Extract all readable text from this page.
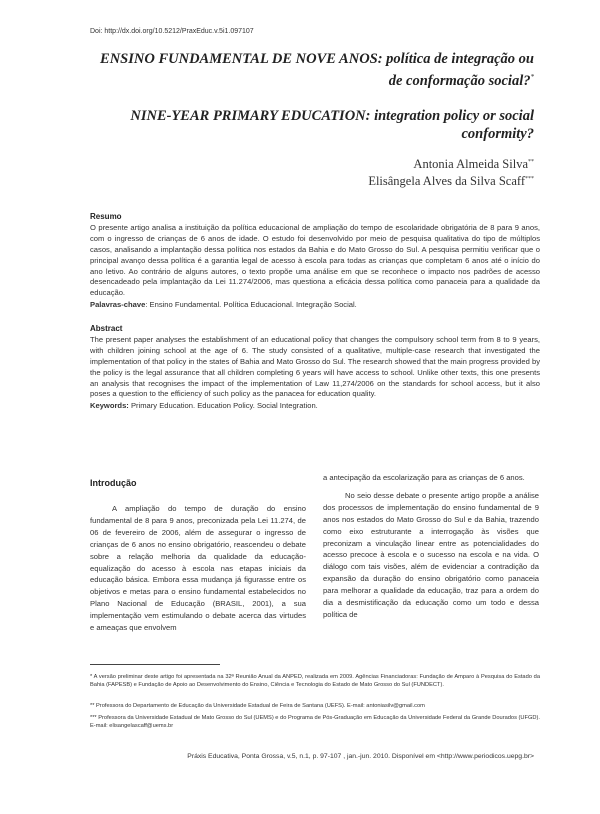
Doi: http://dx.doi.org/10.5212/PraxEduc.v.5i1.097107
ENSINO FUNDAMENTAL DE NOVE ANOS: política de integração ou de conformação social?*
NINE-YEAR PRIMARY EDUCATION: integration policy or social conformity?
Antonia Almeida Silva**
Elisângela Alves da Silva Scaff***
Resumo
O presente artigo analisa a instituição da política educacional de ampliação do tempo de escolaridade obrigatória de 8 para 9 anos, com o ingresso de crianças de 6 anos de idade. O estudo foi desenvolvido por meio de pesquisa qualitativa do tipo de múltiplos casos, analisando a implantação dessa política nos estados da Bahia e do Mato Grosso do Sul. A pesquisa permitiu verificar que o principal avanço dessa política é a garantia legal de acesso à escola para todas as crianças que completam 6 anos até o início do ano letivo. Ao contrário de alguns autores, o texto propõe uma análise em que se reconhece o impacto nos padrões de acesso desencadeado pela implantação da Lei 11.274/2006, mas questiona a eficácia dessa política como panaceia para a qualidade da educação.
Palavras-chave: Ensino Fundamental. Política Educacional. Integração Social.
Abstract
The present paper analyses the establishment of an educational policy that changes the compulsory school term from 8 to 9 years, with children joining school at the age of 6. The study consisted of a qualitative, multiple-case research that investigated the implementation of that policy in the states of Bahia and Mato Grosso do Sul. The research showed that the main progress provided by the policy is the legal assurance that all children completing 6 years will have access to school. Unlike other texts, this one presents an analysis that recognises the impact of the implementation of Law 11,274/2006 on the standards for school access, but it also poses a question to the efficiency of such policy as the panacea for education quality.
Keywords: Primary Education. Education Policy. Social Integration.
Introdução

A ampliação do tempo de duração do ensino fundamental de 8 para 9 anos, preconizada pela Lei 11.274, de 06 de fevereiro de 2006, além de assegurar o ingresso de crianças de 6 anos no ensino obrigatório, reascendeu o debate sobre a relação melhoria da qualidade da educação-equalização do acesso à escola nas etapas iniciais da educação básica. Embora essa mudança já figurasse entre os objetivos e metas para o ensino fundamental estabelecidos no Plano Nacional de Educação (BRASIL, 2001), a sua implementação vem estimulando o debate acerca das virtudes e ameaças que envolvem

a antecipação da escolarização para as crianças de 6 anos.

No seio desse debate o presente artigo propõe a análise dos processos de implementação do ensino fundamental de 9 anos nos estados do Mato Grosso do Sul e da Bahia, trazendo como eixo estruturante a interrogação às visões que preconizam a vinculação linear entre as potencialidades do acesso precoce à escola e o sucesso na escola e na vida. O diálogo com tais visões, além de evidenciar a contradição da expansão da duração do ensino obrigatório como panaceia para melhorar a qualidade da educação, traz para a ordem do dia a desmistificação da educação como um todo e dessa política de

* A versão preliminar deste artigo foi apresentada na 32ª Reunião Anual da ANPED, realizada em 2009. Agências Financiadoras: Fundação de Amparo à Pesquisa do Estado da Bahia (FAPESB) e Fundação de Apoio ao Desenvolvimento do Ensino, Ciência e Tecnologia do Estado de Mato Grosso do Sul (FUNDECT).
** Professora do Departamento de Educação da Universidade Estadual de Feira de Santana (UEFS). E-mail: antoniasilv@gmail.com
*** Professora da Universidade Estadual de Mato Grosso do Sul (UEMS) e do Programa de Pós-Graduação em Educação da Universidade Federal da Grande Dourados (UFGD). E-mail: elisangelascaff@uems.br
Práxis Educativa, Ponta Grossa, v.5, n.1, p. 97-107 , jan.-jun. 2010. Disponível em <http://www.periodicos.uepg.br>
